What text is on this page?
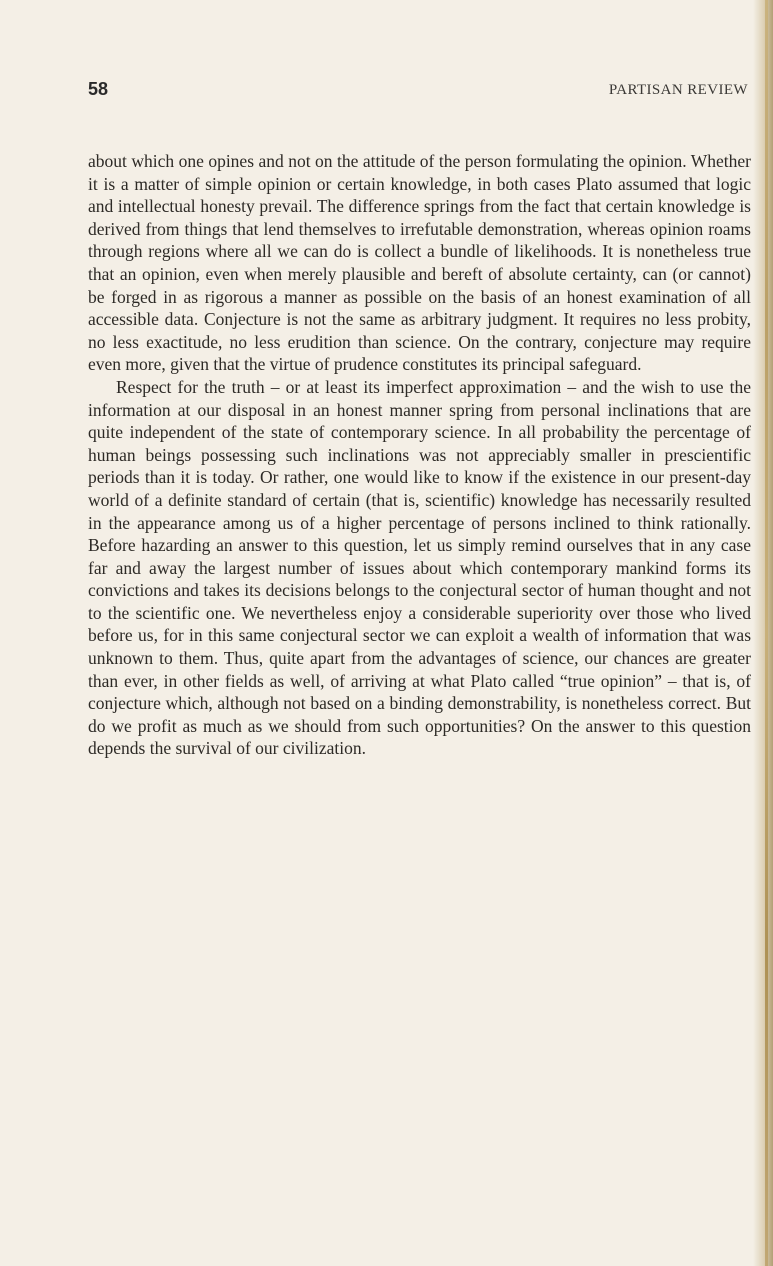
58	PARTISAN REVIEW

about which one opines and not on the attitude of the person formulating the opinion. Whether it is a matter of simple opinion or certain knowledge, in both cases Plato assumed that logic and intellectual honesty prevail. The difference springs from the fact that certain knowledge is derived from things that lend themselves to irrefutable demonstration, whereas opinion roams through regions where all we can do is collect a bundle of likelihoods. It is nonetheless true that an opinion, even when merely plausible and bereft of absolute certainty, can (or cannot) be forged in as rigorous a manner as possible on the basis of an honest examination of all accessible data. Conjecture is not the same as arbitrary judgment. It requires no less probity, no less exactitude, no less erudition than science. On the contrary, conjecture may require even more, given that the virtue of prudence constitutes its principal safeguard.

Respect for the truth – or at least its imperfect approximation – and the wish to use the information at our disposal in an honest manner spring from personal inclinations that are quite independent of the state of contemporary science. In all probability the percentage of human beings possessing such inclinations was not appreciably smaller in prescientific periods than it is today. Or rather, one would like to know if the existence in our present-day world of a definite standard of certain (that is, scientific) knowledge has necessarily resulted in the appearance among us of a higher percentage of persons inclined to think rationally. Before hazarding an answer to this question, let us simply remind ourselves that in any case far and away the largest number of issues about which contemporary mankind forms its convictions and takes its decisions belongs to the conjectural sector of human thought and not to the scientific one. We nevertheless enjoy a considerable superiority over those who lived before us, for in this same conjectural sector we can exploit a wealth of information that was unknown to them. Thus, quite apart from the advantages of science, our chances are greater than ever, in other fields as well, of arriving at what Plato called “true opinion” – that is, of conjecture which, although not based on a binding demonstrability, is nonetheless correct. But do we profit as much as we should from such opportunities? On the answer to this question depends the survival of our civilization.
